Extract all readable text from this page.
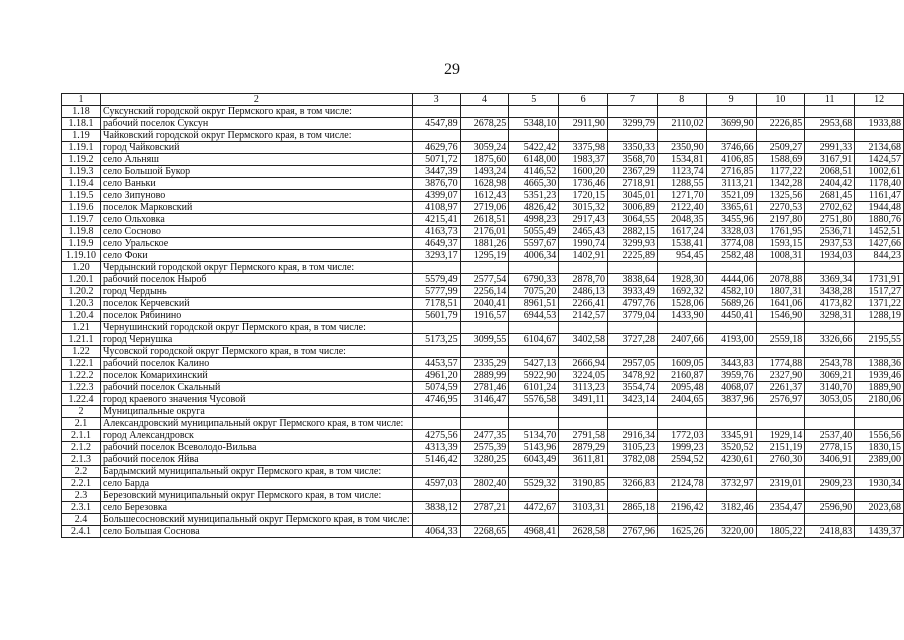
29
1	2	3	4	5	6	7	8	9	10	11	12
1.18	Суксунский городской округ Пермского края, в том числе:										
1.18.1	рабочий поселок Суксун	4547,89	2678,25	5348,10	2911,90	3299,79	2110,02	3699,90	2226,85	2953,68	1933,88
1.19	Чайковский городской округ Пермского края, в том числе:										
1.19.1	город Чайковский	4629,76	3059,24	5422,42	3375,98	3350,33	2350,90	3746,66	2509,27	2991,33	2134,68
1.19.2	село Альняш	5071,72	1875,60	6148,00	1983,37	3568,70	1534,81	4106,85	1588,69	3167,91	1424,57
1.19.3	село Большой Букор	3447,39	1493,24	4146,52	1600,20	2367,29	1123,74	2716,85	1177,22	2068,51	1002,61
1.19.4	село Ваньки	3876,70	1628,98	4665,30	1736,46	2718,91	1288,55	3113,21	1342,28	2404,42	1178,40
1.19.5	село Зипуново	4399,07	1612,43	5351,23	1720,15	3045,01	1271,70	3521,09	1325,56	2681,45	1161,47
1.19.6	поселок Марковский	4108,97	2719,06	4826,42	3015,32	3006,89	2122,40	3365,61	2270,53	2702,62	1944,48
1.19.7	село Ольховка	4215,41	2618,51	4998,23	2917,43	3064,55	2048,35	3455,96	2197,80	2751,80	1880,76
1.19.8	село Сосново	4163,73	2176,01	5055,49	2465,43	2882,15	1617,24	3328,03	1761,95	2536,71	1452,51
1.19.9	село Уральское	4649,37	1881,26	5597,67	1990,74	3299,93	1538,41	3774,08	1593,15	2937,53	1427,66
1.19.10	село Фоки	3293,17	1295,19	4006,34	1402,91	2225,89	954,45	2582,48	1008,31	1934,03	844,23
1.20	Чердынский городской округ Пермского края, в том числе:										
1.20.1	рабочий поселок Ныроб	5579,49	2577,54	6790,33	2878,70	3838,64	1928,30	4444,06	2078,88	3369,34	1731,91
1.20.2	город Чердынь	5777,99	2256,14	7075,20	2486,13	3933,49	1692,32	4582,10	1807,31	3438,28	1517,27
1.20.3	поселок Керчевский	7178,51	2040,41	8961,51	2266,41	4797,76	1528,06	5689,26	1641,06	4173,82	1371,22
1.20.4	поселок Рябинино	5601,79	1916,57	6944,53	2142,57	3779,04	1433,90	4450,41	1546,90	3298,31	1288,19
1.21	Чернушинский городской округ Пермского края, в том числе:										
1.21.1	город Чернушка	5173,25	3099,55	6104,67	3402,58	3727,28	2407,66	4193,00	2559,18	3326,66	2195,55
1.22	Чусовской городской округ Пермского края, в том числе:										
1.22.1	рабочий поселок Калино	4453,57	2335,29	5427,13	2666,94	2957,05	1609,05	3443,83	1774,88	2543,78	1388,36
1.22.2	поселок Комарихинский	4961,20	2889,99	5922,90	3224,05	3478,92	2160,87	3959,76	2327,90	3069,21	1939,46
1.22.3	рабочий поселок Скальный	5074,59	2781,46	6101,24	3113,23	3554,74	2095,48	4068,07	2261,37	3140,70	1889,90
1.22.4	город краевого значения Чусовой	4746,95	3146,47	5576,58	3491,11	3423,14	2404,65	3837,96	2576,97	3053,05	2180,06
2	Муниципальные округа										
2.1	Александровский муниципальный округ Пермского края, в том числе:										
2.1.1	город Александровск	4275,56	2477,35	5134,70	2791,58	2916,34	1772,03	3345,91	1929,14	2537,40	1556,56
2.1.2	рабочий поселок Всеволодо-Вильва	4313,39	2575,39	5143,96	2879,29	3105,23	1999,23	3520,52	2151,19	2778,15	1830,15
2.1.3	рабочий поселок Яйва	5146,42	3280,25	6043,49	3611,81	3782,08	2594,52	4230,61	2760,30	3406,91	2389,00
2.2	Бардымский муниципальный округ Пермского края, в том числе:										
2.2.1	село Барда	4597,03	2802,40	5529,32	3190,85	3266,83	2124,78	3732,97	2319,01	2909,23	1930,34
2.3	Березовский муниципальный округ Пермского края, в том числе:										
2.3.1	село Березовка	3838,12	2787,21	4472,67	3103,31	2865,18	2196,42	3182,46	2354,47	2596,90	2023,68
2.4	Большесосновский муниципальный округ Пермского края, в том числе:										
2.4.1	село Большая Соснова	4064,33	2268,65	4968,41	2628,58	2767,96	1625,26	3220,00	1805,22	2418,83	1439,37
